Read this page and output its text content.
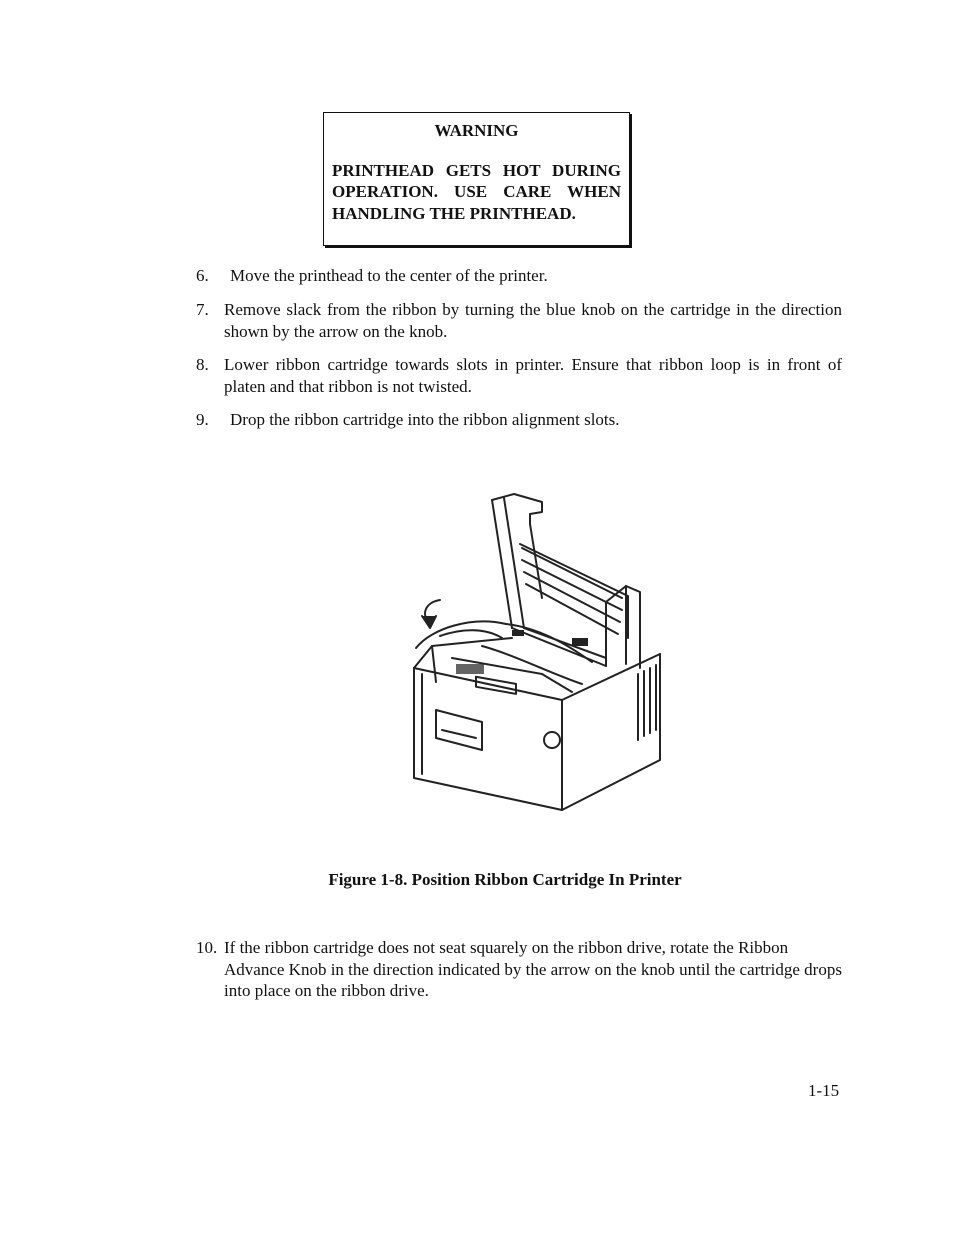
WARNING
PRINTHEAD GETS HOT DURING OPERATION. USE CARE WHEN HANDLING THE PRINTHEAD.
6.	Move the printhead to the center of the printer.
7. Remove slack from the ribbon by turning the blue knob on the cartridge in the direction shown by the arrow on the knob.
8. Lower ribbon cartridge towards slots in printer. Ensure that ribbon loop is in front of platen and that ribbon is not twisted.
9.	Drop the ribbon cartridge into the ribbon alignment slots.
Figure 1-8. Position Ribbon Cartridge In Printer
10. If the ribbon cartridge does not seat squarely on the ribbon drive, rotate the Ribbon Advance Knob in the direction indicated by the arrow on the knob until the cartridge drops into place on the ribbon drive.
1-15
